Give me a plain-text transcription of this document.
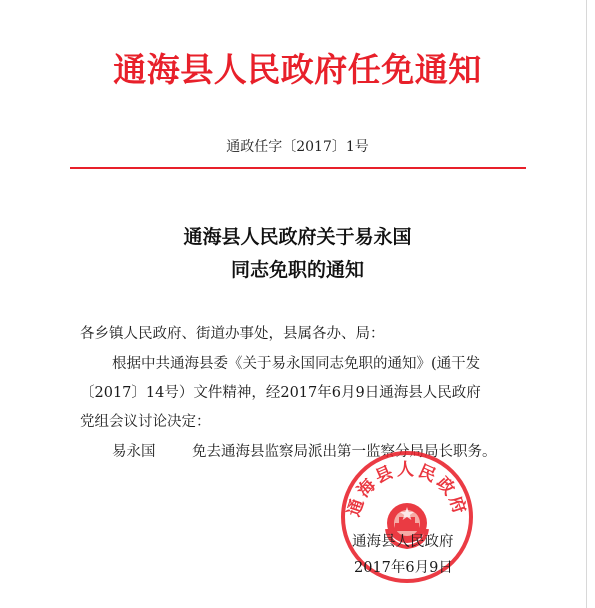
通海县人民政府任免通知
通政任字〔2017〕1号
通海县人民政府关于易永国
同志免职的通知
各乡镇人民政府、街道办事处，县属各办、局：
根据中共通海县委《关于易永国同志免职的通知》(通干发
〔2017〕14号）文件精神，经2017年6月9日通海县人民政府
党组会议讨论决定：
易永国	免去通海县监察局派出第一监察分局局长职务。
通海县人民政府
通海县人民政府
2017年6月9日
